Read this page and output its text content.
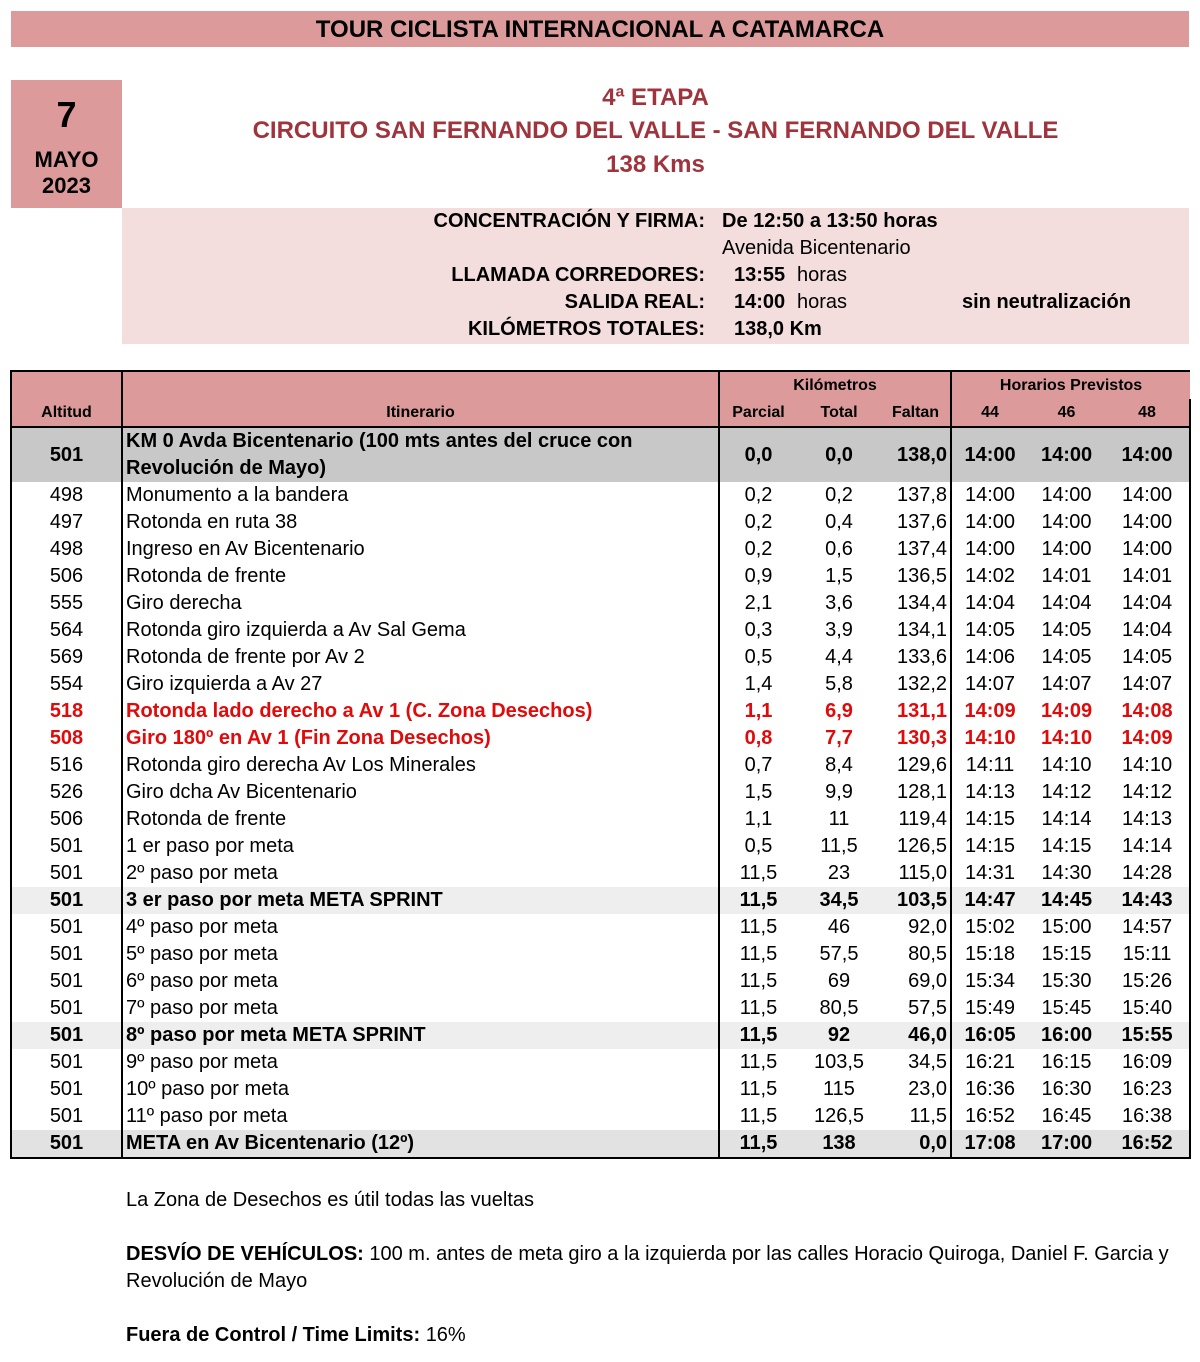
TOUR CICLISTA INTERNACIONAL A CATAMARCA
7
MAYO
2023
4ª ETAPA
CIRCUITO SAN FERNANDO DEL VALLE - SAN FERNANDO DEL VALLE
138 Kms
CONCENTRACIÓN Y FIRMA: De 12:50 a 13:50 horas
Avenida Bicentenario
LLAMADA CORREDORES: 13:55 horas
SALIDA REAL: 14:00 horas	sin neutralización
KILÓMETROS TOTALES: 138,0 Km
		Kilómetros			Horarios Previstos		
Altitud	Itinerario	Parcial	Total	Faltan	44	46	48
501	KM 0 Avda Bicentenario (100 mts antes del cruce con Revolución de Mayo)	0,0	0,0	138,0	14:00	14:00	14:00
498	Monumento a la bandera	0,2	0,2	137,8	14:00	14:00	14:00
497	Rotonda en ruta 38	0,2	0,4	137,6	14:00	14:00	14:00
498	Ingreso en Av Bicentenario	0,2	0,6	137,4	14:00	14:00	14:00
506	Rotonda de frente	0,9	1,5	136,5	14:02	14:01	14:01
555	Giro derecha	2,1	3,6	134,4	14:04	14:04	14:04
564	Rotonda giro izquierda a Av Sal Gema	0,3	3,9	134,1	14:05	14:05	14:04
569	Rotonda de frente por Av 2	0,5	4,4	133,6	14:06	14:05	14:05
554	Giro izquierda a Av 27	1,4	5,8	132,2	14:07	14:07	14:07
518	Rotonda lado derecho a Av 1 (C. Zona Desechos)	1,1	6,9	131,1	14:09	14:09	14:08
508	Giro 180º en Av 1 (Fin Zona Desechos)	0,8	7,7	130,3	14:10	14:10	14:09
516	Rotonda giro derecha Av Los Minerales	0,7	8,4	129,6	14:11	14:10	14:10
526	Giro dcha Av Bicentenario	1,5	9,9	128,1	14:13	14:12	14:12
506	Rotonda de frente	1,1	11	119,4	14:15	14:14	14:13
501	1 er paso por meta	0,5	11,5	126,5	14:15	14:15	14:14
501	2º paso por meta	11,5	23	115,0	14:31	14:30	14:28
501	3 er paso por meta META SPRINT	11,5	34,5	103,5	14:47	14:45	14:43
501	4º paso por meta	11,5	46	92,0	15:02	15:00	14:57
501	5º paso por meta	11,5	57,5	80,5	15:18	15:15	15:11
501	6º paso por meta	11,5	69	69,0	15:34	15:30	15:26
501	7º paso por meta	11,5	80,5	57,5	15:49	15:45	15:40
501	8º paso por meta META SPRINT	11,5	92	46,0	16:05	16:00	15:55
501	9º paso por meta	11,5	103,5	34,5	16:21	16:15	16:09
501	10º paso por meta	11,5	115	23,0	16:36	16:30	16:23
501	11º paso por meta	11,5	126,5	11,5	16:52	16:45	16:38
501	META en Av Bicentenario (12º)	11,5	138	0,0	17:08	17:00	16:52
La Zona de Desechos es útil todas las vueltas
DESVÍO DE VEHÍCULOS: 100 m. antes de meta giro a la izquierda por las calles Horacio Quiroga, Daniel F. Garcia y Revolución de Mayo
Fuera de Control / Time Limits: 16%
